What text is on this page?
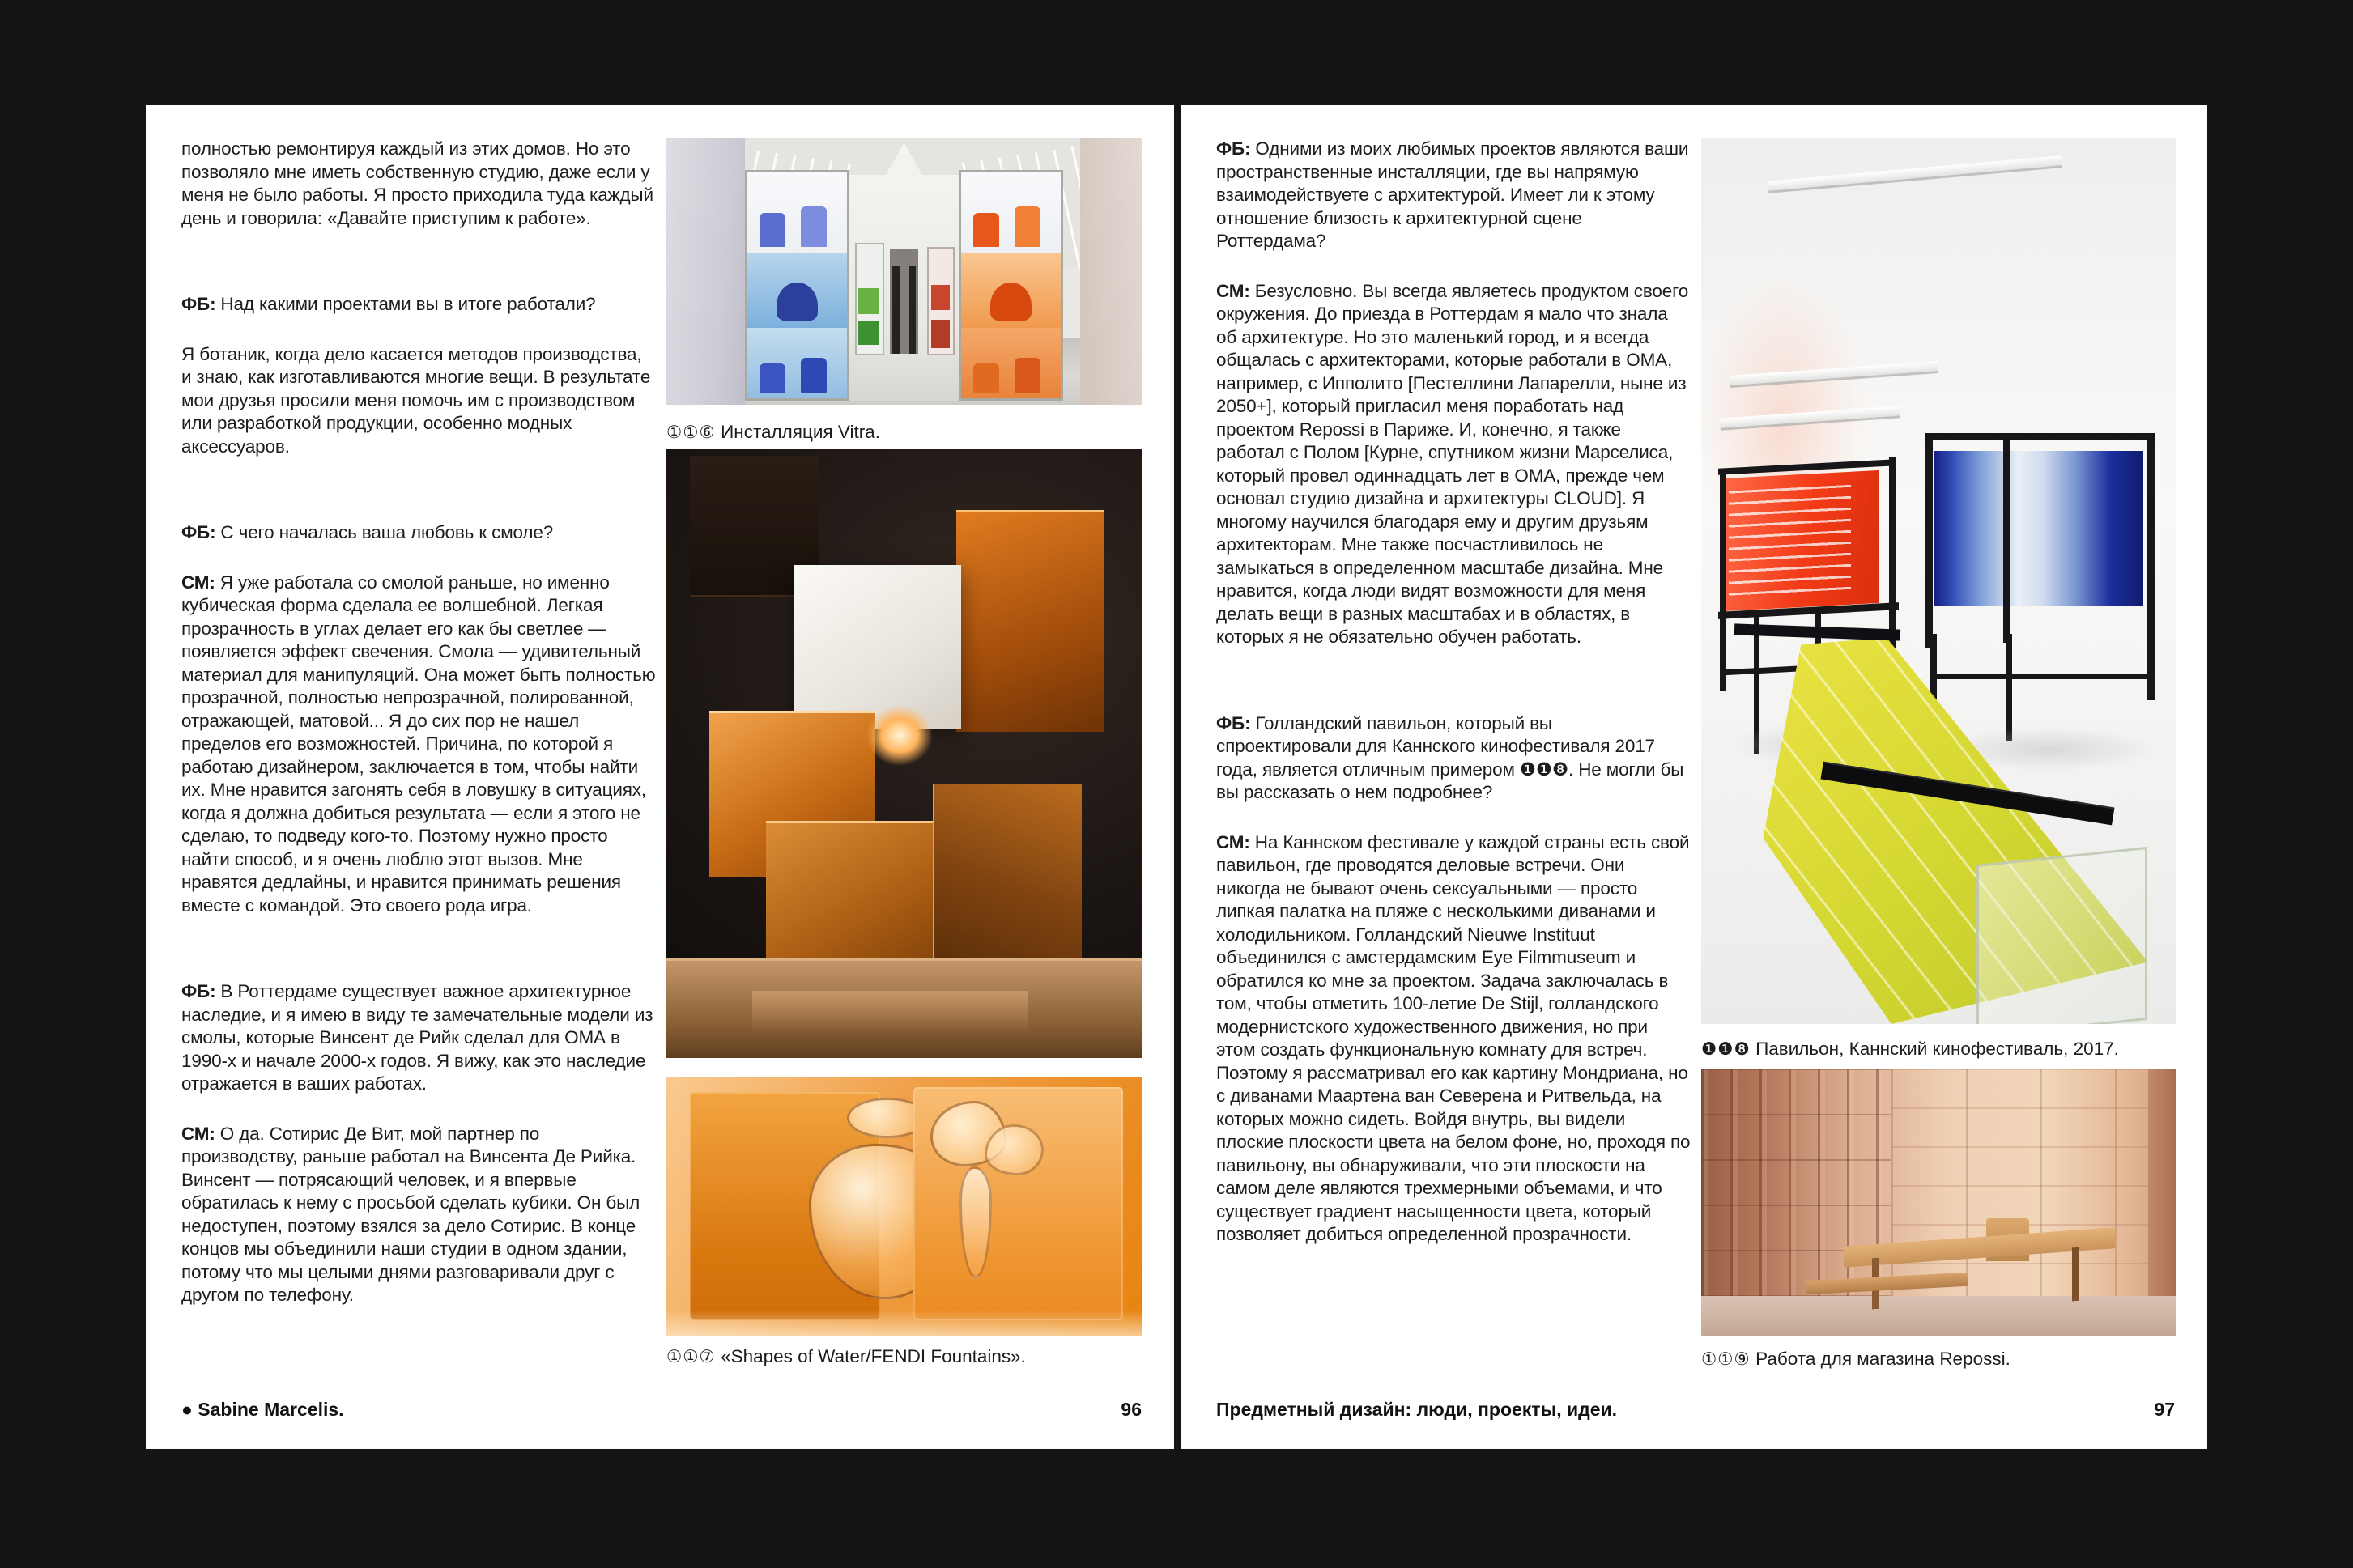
полностью ремонтируя каждый из этих домов. Но это позволяло мне иметь собственную студию, даже если у меня не было работы. Я просто приходила туда каждый день и говорила: «Давайте приступим к работе».

ФБ: Над какими проектами вы в итоге работали?

Я ботаник, когда дело касается методов производства, и знаю, как изготавливаются многие вещи. В результате мои друзья просили меня помочь им с производством или разработкой продукции, особенно модных аксессуаров.

ФБ: С чего началась ваша любовь к смоле?

СМ: Я уже работала со смолой раньше, но именно кубическая форма сделала ее волшебной. Легкая прозрачность в углах делает его как бы светлее — появляется эффект свечения. Смола — удивительный материал для манипуляций. Она может быть полностью прозрачной, полностью непрозрачной, полированной, отражающей, матовой... Я до сих пор не нашел пределов его возможностей. Причина, по которой я работаю дизайнером, заключается в том, чтобы найти их. Мне нравится загонять себя в ловушку в ситуациях, когда я должна добиться результата — если я этого не сделаю, то подведу кого-то. Поэтому нужно просто найти способ, и я очень люблю этот вызов. Мне нравятся дедлайны, и нравится принимать решения вместе с командой. Это своего рода игра.

ФБ: В Роттердаме существует важное архитектурное наследие, и я имею в виду те замечательные модели из смолы, которые Винсент де Рийк сделал для ОМА в 1990-х и начале 2000-х годов. Я вижу, как это наследие отражается в ваших работах.

СМ: О да. Сотирис Де Вит, мой партнер по производству, раньше работал на Винсента Де Рийка. Винсент — потрясающий человек, и я впервые обратилась к нему с просьбой сделать кубики. Он был недоступен, поэтому взялся за дело Сотирис. В конце концов мы объединили наши студии в одном здании, потому что мы целыми днями разговаривали друг с другом по телефону.

①①⑥ Инсталляция Vitra.
①①⑦ «Shapes of Water/FENDI Fountains».
● Sabine Marcelis.	96

ФБ: Одними из моих любимых проектов являются ваши пространственные инсталляции, где вы напрямую взаимодействуете с архитектурой. Имеет ли к этому отношение близость к архитектурной сцене Роттердама?

СМ: Безусловно. Вы всегда являетесь продуктом своего окружения. До приезда в Роттердам я мало что знала об архитектуре. Но это маленький город, и я всегда общалась с архитекторами, которые работали в ОМА, например, с Ипполито [Пестеллини Лапарелли, ныне из 2050+], который пригласил меня поработать над проектом Repossi в Париже. И, конечно, я также работал с Полом [Курне, спутником жизни Марселиса, который провел одиннадцать лет в ОМА, прежде чем основал студию дизайна и архитектуры CLOUD]. Я многому научился благодаря ему и другим друзьям архитекторам. Мне также посчастливилось не замыкаться в определенном масштабе дизайна. Мне нравится, когда люди видят возможности для меня делать вещи в разных масштабах и в областях, в которых я не обязательно обучен работать.

ФБ: Голландский павильон, который вы спроектировали для Каннского кинофестиваля 2017 года, является отличным примером ❶❶❽. Не могли бы вы рассказать о нем подробнее?

СМ: На Каннском фестивале у каждой страны есть свой павильон, где проводятся деловые встречи. Они никогда не бывают очень сексуальными — просто липкая палатка на пляже с несколькими диванами и холодильником. Голландский Nieuwe Instituut объединился с амстердамским Eye Filmmuseum и обратился ко мне за проектом. Задача заключалась в том, чтобы отметить 100-летие De Stijl, голландского модернистского художественного движения, но при этом создать функциональную комнату для встреч. Поэтому я рассматривал его как картину Мондриана, но с диванами Маартена ван Северена и Ритвельда, на которых можно сидеть. Войдя внутрь, вы видели плоские плоскости цвета на белом фоне, но, проходя по павильону, вы обнаруживали, что эти плоскости на самом деле являются трехмерными объемами, и что существует градиент насыщенности цвета, который позволяет добиться определенной прозрачности.

❶❶❽ Павильон, Каннский кинофестиваль, 2017.
①①⑨ Работа для магазина Repossi.
Предметный дизайн: люди, проекты, идеи.	97
